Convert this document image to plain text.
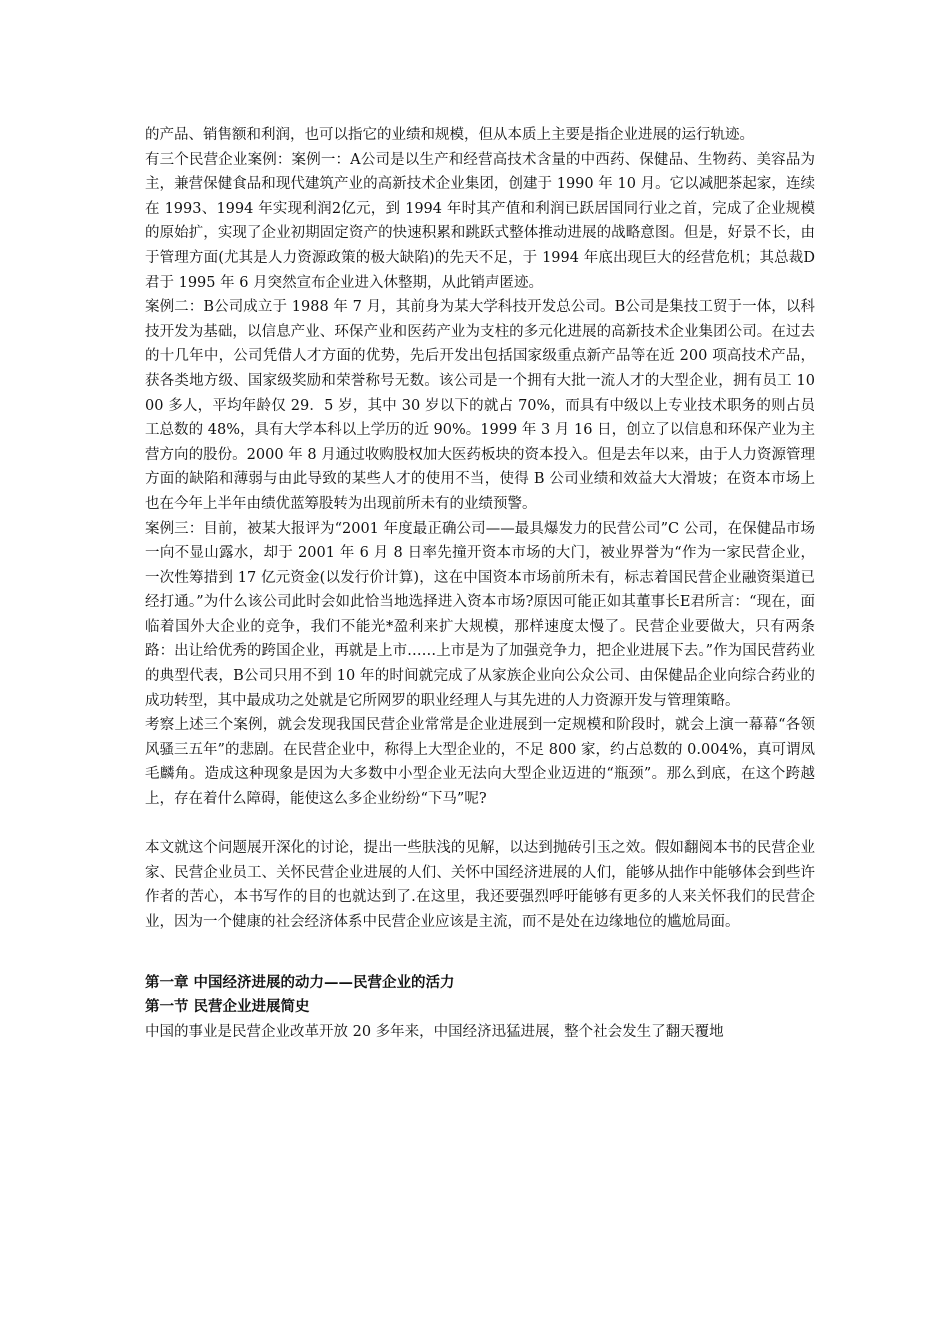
的产品、销售额和利润，也可以指它的业绩和规模，但从本质上主要是指企业进展的运行轨迹。

有三个民营企业案例：案例一：A公司是以生产和经营高技术含量的中西药、保健品、生物药、美容品为主，兼营保健食品和现代建筑产业的高新技术企业集团，创建于 1990 年 10 月。它以减肥茶起家，连续在 1993、1994 年实现利润2亿元，到 1994 年时其产值和利润已跃居国同行业之首，完成了企业规模的原始扩，实现了企业初期固定资产的快速积累和跳跃式整体推动进展的战略意图。但是，好景不长，由于管理方面(尤其是人力资源政策的极大缺陷)的先天不足，于 1994 年底出现巨大的经营危机；其总裁D君于 1995 年 6 月突然宣布企业进入休整期，从此销声匿迹。

案例二：B公司成立于 1988 年 7 月，其前身为某大学科技开发总公司。B公司是集技工贸于一体，以科技开发为基础，以信息产业、环保产业和医药产业为支柱的多元化进展的高新技术企业集团公司。在过去的十几年中，公司凭借人才方面的优势，先后开发出包括国家级重点新产品等在近 200 项高技术产品，获各类地方级、国家级奖励和荣誉称号无数。该公司是一个拥有大批一流人才的大型企业，拥有员工 1000 多人，平均年龄仅 29．5 岁，其中 30 岁以下的就占 70%，而具有中级以上专业技术职务的则占员工总数的 48%，具有大学本科以上学历的近 90%。1999 年 3 月 16 日，创立了以信息和环保产业为主营方向的股份。2000 年 8 月通过收购股权加大医药板块的资本投入。但是去年以来，由于人力资源管理方面的缺陷和薄弱与由此导致的某些人才的使用不当，使得 B 公司业绩和效益大大滑坡；在资本市场上也在今年上半年由绩优蓝筹股转为出现前所未有的业绩预警。

案例三：目前，被某大报评为“2001 年度最正确公司——最具爆发力的民营公司”C 公司，在保健品市场一向不显山露水，却于 2001 年 6 月 8 日率先撞开资本市场的大门，被业界誉为“作为一家民营企业，一次性筹措到 17 亿元资金(以发行价计算)，这在中国资本市场前所未有，标志着国民营企业融资渠道已经打通。”为什么该公司此时会如此恰当地选择进入资本市场?原因可能正如其董事长E君所言：“现在，面临着国外大企业的竞争，我们不能光*盈利来扩大规模，那样速度太慢了。民营企业要做大，只有两条路：出让给优秀的跨国企业，再就是上市……上市是为了加强竞争力，把企业进展下去。”作为国民营药业的典型代表，B公司只用不到 10 年的时间就完成了从家族企业向公众公司、由保健品企业向综合药业的成功转型，其中最成功之处就是它所网罗的职业经理人与其先进的人力资源开发与管理策略。

考察上述三个案例，就会发现我国民营企业常常是企业进展到一定规模和阶段时，就会上演一幕幕“各领风骚三五年”的悲剧。在民营企业中，称得上大型企业的，不足 800 家，约占总数的 0.004%，真可谓凤毛麟角。造成这种现象是因为大多数中小型企业无法向大型企业迈进的“瓶颈”。那么到底，在这个跨越上，存在着什么障碍，能使这么多企业纷纷“下马”呢?

本文就这个问题展开深化的讨论，提出一些肤浅的见解，以达到抛砖引玉之效。假如翻阅本书的民营企业家、民营企业员工、关怀民营企业进展的人们、关怀中国经济进展的人们，能够从拙作中能够体会到些许作者的苦心，本书写作的目的也就达到了.在这里，我还要强烈呼吁能够有更多的人来关怀我们的民营企业，因为一个健康的社会经济体系中民营企业应该是主流，而不是处在边缘地位的尴尬局面。

第一章 中国经济进展的动力——民营企业的活力

第一节 民营企业进展简史

中国的事业是民营企业改革开放 20 多年来，中国经济迅猛进展，整个社会发生了翻天覆地
